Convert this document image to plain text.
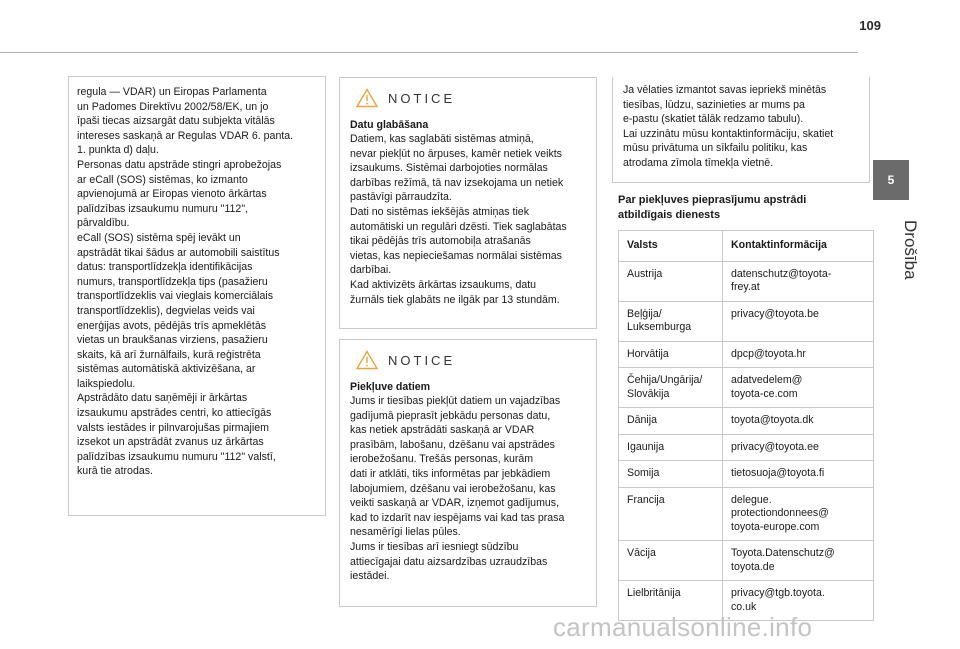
109
5
Drošība
regula — VDAR) un Eiropas Parlamenta
un Padomes Direktīvu 2002/58/EK, un jo
īpaši tiecas aizsargāt datu subjekta vitālās
intereses saskaņā ar Regulas VDAR 6. panta.
1. punkta d) daļu.
Personas datu apstrāde stingri aprobežojas
ar eCall (SOS) sistēmas, ko izmanto
apvienojumā ar Eiropas vienoto ārkārtas
palīdzības izsaukumu numuru "112",
pārvaldību.
eCall (SOS) sistēma spēj ievākt un
apstrādāt tikai šādus ar automobili saistītus
datus: transportlīdzekļa identifikācijas
numurs, transportlīdzekļa tips (pasažieru
transportlīdzeklis vai vieglais komerciālais
transportlīdzeklis), degvielas veids vai
enerģijas avots, pēdējās trīs apmeklētās
vietas un braukšanas virziens, pasažieru
skaits, kā arī žurnālfails, kurā reģistrēta
sistēmas automātiskā aktivizēšana, ar
laikspiedolu.
Apstrādāto datu saņēmēji ir ārkārtas
izsaukumu apstrādes centri, ko attiecīgās
valsts iestādes ir pilnvarojušas pirmajiem
izsekot un apstrādāt zvanus uz ārkārtas
palīdzības izsaukumu numuru "112" valstī,
kurā tie atrodas.
NOTICE
Datu glabāšana
Datiem, kas saglabāti sistēmas atmiņā,
nevar piekļūt no ārpuses, kamēr netiek veikts
izsaukums. Sistēmai darbojoties normālas
darbības režīmā, tā nav izsekojama un netiek
pastāvīgi pārraudzīta.
Dati no sistēmas iekšējās atmiņas tiek
automātiski un regulāri dzēsti. Tiek saglabātas
tikai pēdējās trīs automobiļa atrašanās
vietas, kas nepieciešamas normālai sistēmas
darbībai.
Kad aktivizēts ārkārtas izsaukums, datu
žurnāls tiek glabāts ne ilgāk par 13 stundām.
NOTICE
Piekļuve datiem
Jums ir tiesības piekļūt datiem un vajadzības
gadījumā pieprasīt jebkādu personas datu,
kas netiek apstrādāti saskaņā ar VDAR
prasībām, labošanu, dzēšanu vai apstrādes
ierobežošanu. Trešās personas, kurām
dati ir atklāti, tiks informētas par jebkādiem
labojumiem, dzēšanu vai ierobežošanu, kas
veikti saskaņā ar VDAR, izņemot gadījumus,
kad to izdarīt nav iespējams vai kad tas prasa
nesamērīgi lielas pūles.
Jums ir tiesības arī iesniegt sūdzību
attiecīgajai datu aizsardzības uzraudzības
iestādei.
Ja vēlaties izmantot savas iepriekš minētās
tiesības, lūdzu, sazinieties ar mums pa
e-pastu (skatiet tālāk redzamo tabulu).
Lai uzzinātu mūsu kontaktinformāciju, skatiet
mūsu privātuma un sīkfailu politiku, kas
atrodama zīmola tīmekļa vietnē.
Par piekļuves pieprasījumu apstrādi
atbildīgais dienests
Valsts	Kontaktinformācija
Austrija	datenschutz@toyota-
frey.at
Beļģija/
Luksemburga	privacy@toyota.be
Horvātija	dpcp@toyota.hr
Čehija/Ungārija/
Slovākija	adatvedelem@
toyota-ce.com
Dānija	toyota@toyota.dk
Igaunija	privacy@toyota.ee
Somija	tietosuoja@toyota.fi
Francija	delegue.
protectiondonnees@
toyota-europe.com
Vācija	Toyota.Datenschutz@
toyota.de
Lielbritānija	privacy@tgb.toyota.
co.uk
carmanualsonline.info
